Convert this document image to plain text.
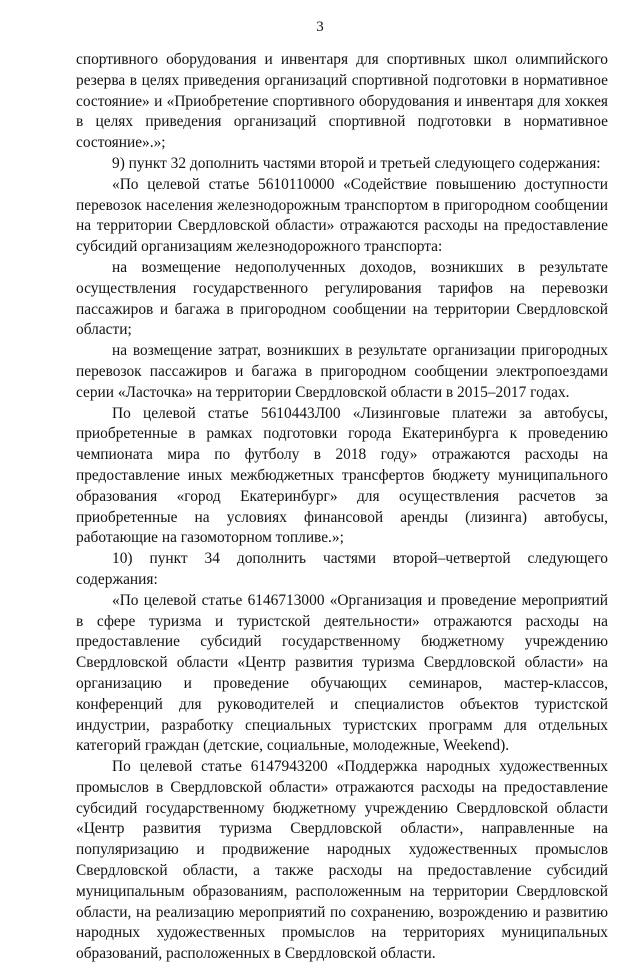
3

спортивного оборудования и инвентаря для спортивных школ олимпийского резерва в целях приведения организаций спортивной подготовки в нормативное состояние» и «Приобретение спортивного оборудования и инвентаря для хоккея в целях приведения организаций спортивной подготовки в нормативное состояние».»;

9) пункт 32 дополнить частями второй и третьей следующего содержания:

«По целевой статье 5610110000 «Содействие повышению доступности перевозок населения железнодорожным транспортом в пригородном сообщении на территории Свердловской области» отражаются расходы на предоставление субсидий организациям железнодорожного транспорта:

на возмещение недополученных доходов, возникших в результате осуществления государственного регулирования тарифов на перевозки пассажиров и багажа в пригородном сообщении на территории Свердловской области;

на возмещение затрат, возникших в результате организации пригородных перевозок пассажиров и багажа в пригородном сообщении электропоездами серии «Ласточка» на территории Свердловской области в 2015–2017 годах.

По целевой статье 5610443Л00 «Лизинговые платежи за автобусы, приобретенные в рамках подготовки города Екатеринбурга к проведению чемпионата мира по футболу в 2018 году» отражаются расходы на предоставление иных межбюджетных трансфертов бюджету муниципального образования «город Екатеринбург» для осуществления расчетов за приобретенные на условиях финансовой аренды (лизинга) автобусы, работающие на газомоторном топливе.»;

10) пункт 34 дополнить частями второй–четвертой следующего содержания:

«По целевой статье 6146713000 «Организация и проведение мероприятий в сфере туризма и туристской деятельности» отражаются расходы на предоставление субсидий государственному бюджетному учреждению Свердловской области «Центр развития туризма Свердловской области» на организацию и проведение обучающих семинаров, мастер-классов, конференций для руководителей и специалистов объектов туристской индустрии, разработку специальных туристских программ для отдельных категорий граждан (детские, социальные, молодежные, Weekend).

По целевой статье 6147943200 «Поддержка народных художественных промыслов в Свердловской области» отражаются расходы на предоставление субсидий государственному бюджетному учреждению Свердловской области «Центр развития туризма Свердловской области», направленные на популяризацию и продвижение народных художественных промыслов Свердловской области, а также расходы на предоставление субсидий муниципальным образованиям, расположенным на территории Свердловской области, на реализацию мероприятий по сохранению, возрождению и развитию народных художественных промыслов на территориях муниципальных образований, расположенных в Свердловской области.
